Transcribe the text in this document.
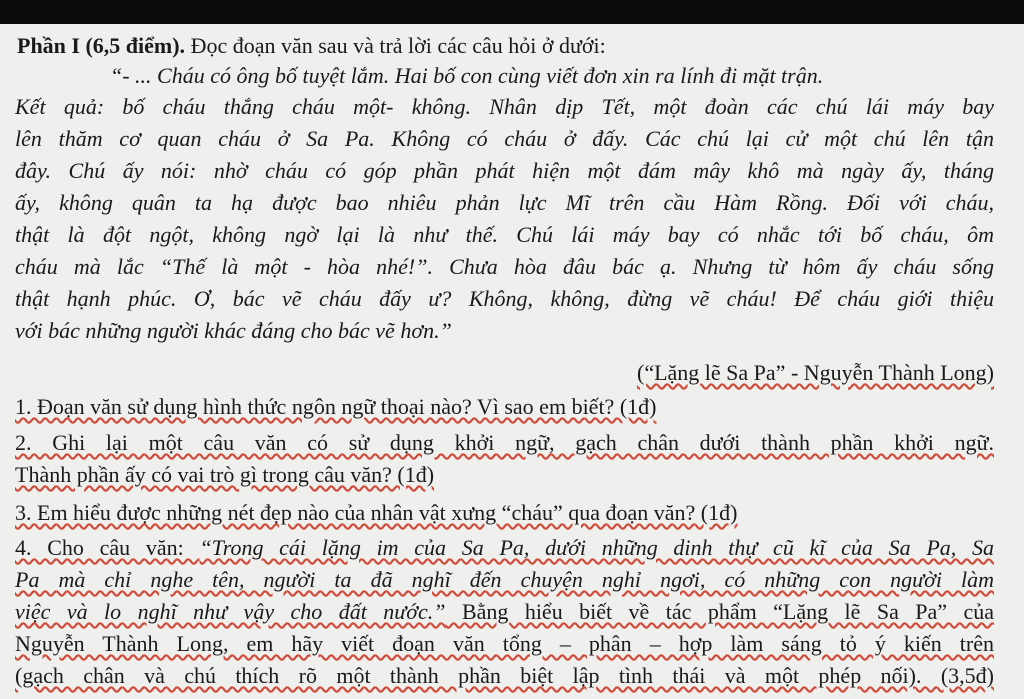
Phần I (6,5 điểm). Đọc đoạn văn sau và trả lời các câu hỏi ở dưới:
“- ... Cháu có ông bố tuyệt lắm. Hai bố con cùng viết đơn xin ra lính đi mặt trận.
Kết quả: bố cháu thắng cháu một- không. Nhân dịp Tết, một đoàn các chú lái máy bay
lên thăm cơ quan cháu ở Sa Pa. Không có cháu ở đấy. Các chú lại cử một chú lên tận
đây. Chú ấy nói: nhờ cháu có góp phần phát hiện một đám mây khô mà ngày ấy, tháng
ấy, không quân ta hạ được bao nhiêu phản lực Mĩ trên cầu Hàm Rồng. Đối với cháu,
thật là đột ngột, không ngờ lại là như thế. Chú lái máy bay có nhắc tới bố cháu, ôm
cháu mà lắc “Thế là một - hòa nhé!”. Chưa hòa đâu bác ạ. Nhưng từ hôm ấy cháu sống
thật hạnh phúc. Ơ, bác vẽ cháu đấy ư? Không, không, đừng vẽ cháu! Để cháu giới thiệu
với bác những người khác đáng cho bác vẽ hơn.”
(“Lặng lẽ Sa Pa” - Nguyễn Thành Long)
1. Đoạn văn sử dụng hình thức ngôn ngữ thoại nào? Vì sao em biết? (1đ)
2. Ghi lại một câu văn có sử dụng khởi ngữ, gạch chân dưới thành phần khởi ngữ.
Thành phần ấy có vai trò gì trong câu văn? (1đ)
3. Em hiểu được những nét đẹp nào của nhân vật xưng “cháu” qua đoạn văn? (1đ)
4. Cho câu văn: “Trong cái lặng im của Sa Pa, dưới những dinh thự cũ kĩ của Sa Pa, Sa
Pa mà chỉ nghe tên, người ta đã nghĩ đến chuyện nghỉ ngơi, có những con người làm
việc và lo nghĩ như vậy cho đất nước.” Bằng hiểu biết về tác phẩm “Lặng lẽ Sa Pa” của
Nguyễn Thành Long, em hãy viết đoạn văn tổng – phân – hợp làm sáng tỏ ý kiến trên
(gạch chân và chú thích rõ một thành phần biệt lập tình thái và một phép nối). (3,5đ)
